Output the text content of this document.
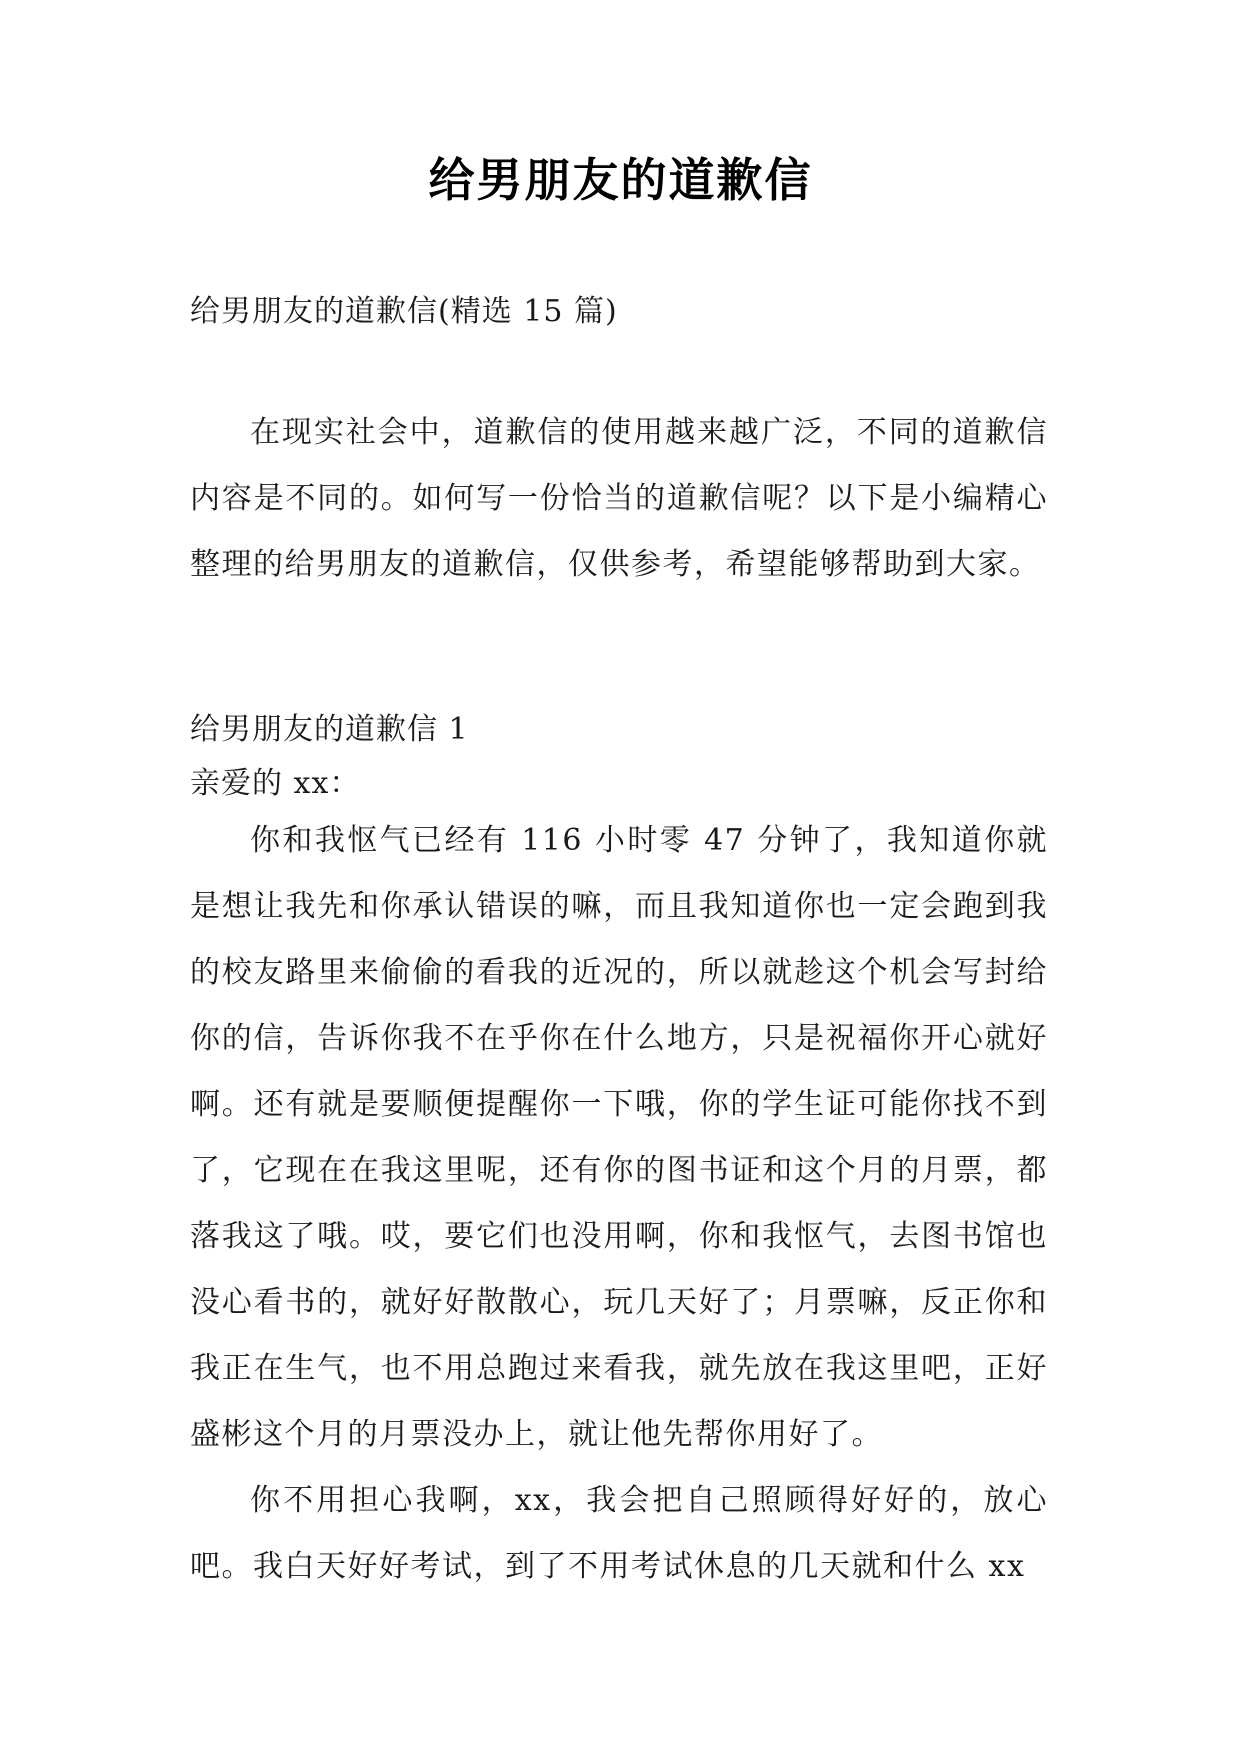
给男朋友的道歉信
给男朋友的道歉信(精选 15 篇)
在现实社会中，道歉信的使用越来越广泛，不同的道歉信内容是不同的。如何写一份恰当的道歉信呢？以下是小编精心整理的给男朋友的道歉信，仅供参考，希望能够帮助到大家。
给男朋友的道歉信 1
亲爱的 xx：
你和我怄气已经有 116 小时零 47 分钟了，我知道你就是想让我先和你承认错误的嘛，而且我知道你也一定会跑到我的校友路里来偷偷的看我的近况的，所以就趁这个机会写封给你的信，告诉你我不在乎你在什么地方，只是祝福你开心就好啊。还有就是要顺便提醒你一下哦，你的学生证可能你找不到了，它现在在我这里呢，还有你的图书证和这个月的月票，都落我这了哦。哎，要它们也没用啊，你和我怄气，去图书馆也没心看书的，就好好散散心，玩几天好了；月票嘛，反正你和我正在生气，也不用总跑过来看我，就先放在我这里吧，正好盛彬这个月的月票没办上，就让他先帮你用好了。
你不用担心我啊，xx，我会把自己照顾得好好的，放心吧。我白天好好考试，到了不用考试休息的几天就和什么 xx
